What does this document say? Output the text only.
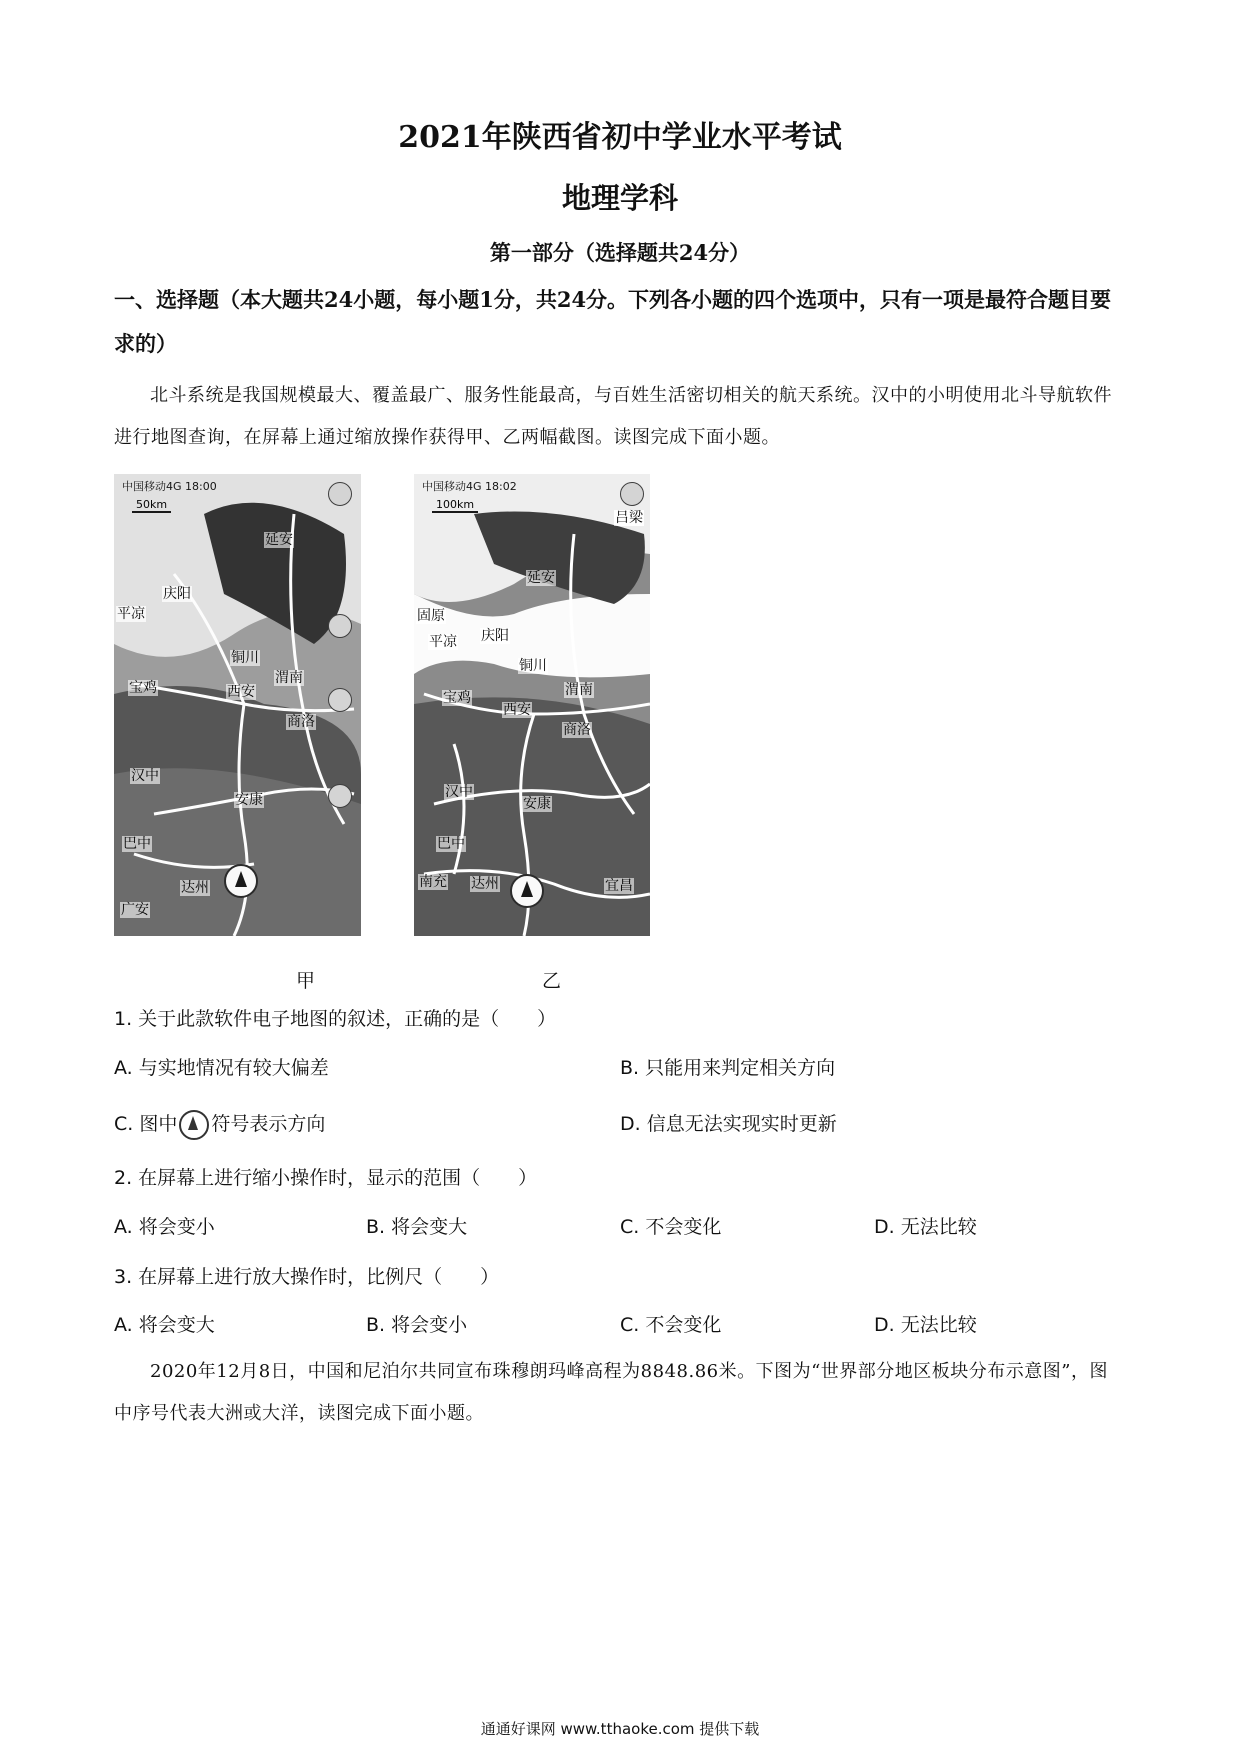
2021年陕西省初中学业水平考试
地理学科
第一部分（选择题共24分）
一、选择题（本大题共24小题，每小题1分，共24分。下列各小题的四个选项中，只有一项是最符合题目要求的）
北斗系统是我国规模最大、覆盖最广、服务性能最高，与百姓生活密切相关的航天系统。汉中的小明使用北斗导航软件进行地图查询，在屏幕上通过缩放操作获得甲、乙两幅截图。读图完成下面小题。
中国移动4G 18:00
50km
延安
庆阳
平凉
铜川
宝鸡	西安
渭南
商洛
汉中
安康
巴中
达州
广安
中国移动4G 18:02
100km
吕梁
延安
固原
平凉 庆阳
铜川
宝鸡
西安
渭南
商洛
汉中
安康
巴中
南充 达州	宜昌
甲	乙
1. 关于此款软件电子地图的叙述，正确的是（　　）
A. 与实地情况有较大偏差	B. 只能用来判定相关方向
C. 图中 符号表示方向	D. 信息无法实现实时更新
2. 在屏幕上进行缩小操作时，显示的范围（　　）
A. 将会变小	B. 将会变大	C. 不会变化	D. 无法比较
3. 在屏幕上进行放大操作时，比例尺（　　）
A. 将会变大	B. 将会变小	C. 不会变化	D. 无法比较
2020年12月8日，中国和尼泊尔共同宣布珠穆朗玛峰高程为8848.86米。下图为“世界部分地区板块分布示意图”，图中序号代表大洲或大洋，读图完成下面小题。
通通好课网 www.tthaoke.com 提供下载
